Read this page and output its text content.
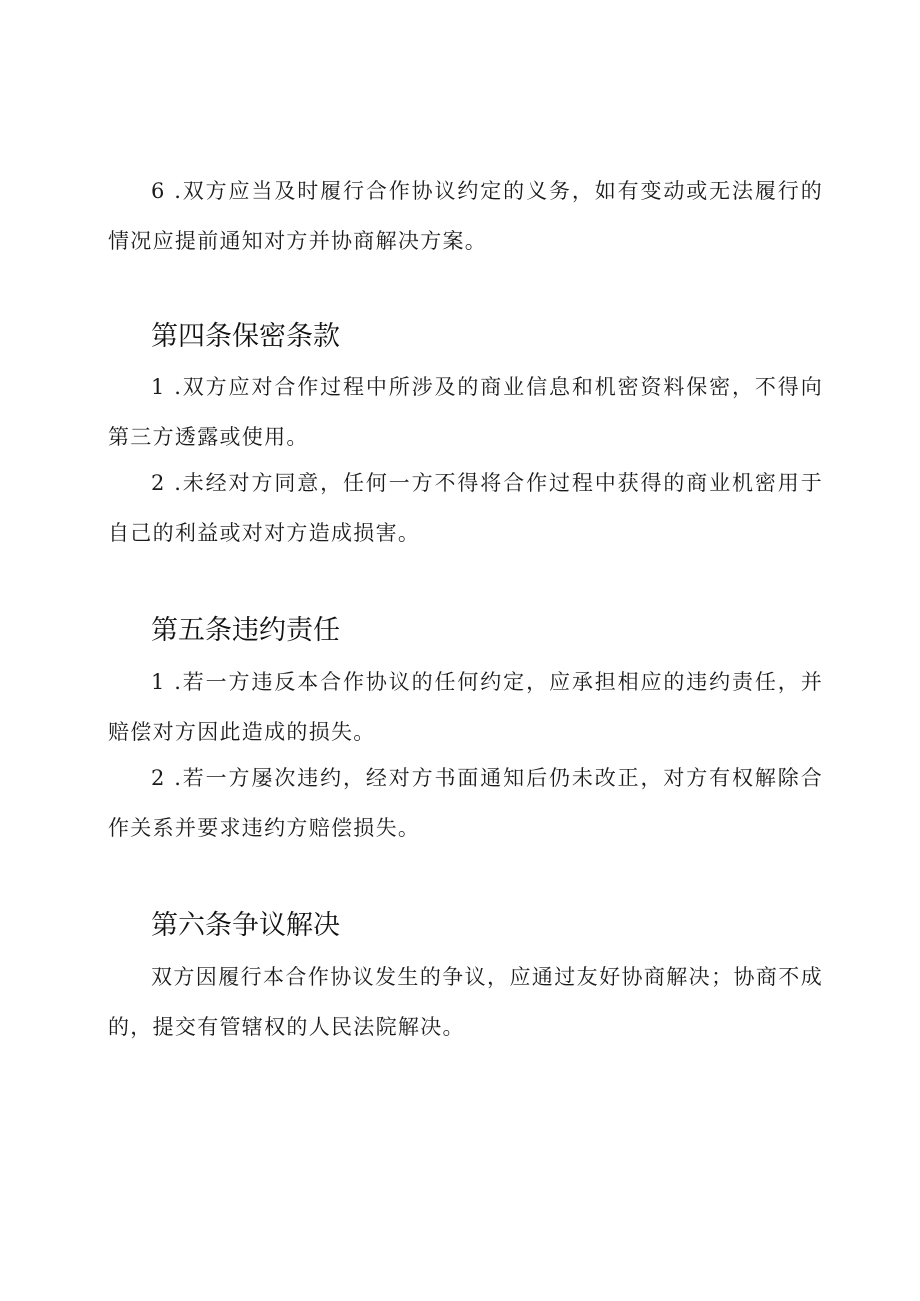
6 .双方应当及时履行合作协议约定的义务，如有变动或无法履行的情况应提前通知对方并协商解决方案。

第四条保密条款

1 .双方应对合作过程中所涉及的商业信息和机密资料保密，不得向第三方透露或使用。

2 .未经对方同意，任何一方不得将合作过程中获得的商业机密用于自己的利益或对对方造成损害。

第五条违约责任

1 .若一方违反本合作协议的任何约定，应承担相应的违约责任，并赔偿对方因此造成的损失。

2 .若一方屡次违约，经对方书面通知后仍未改正，对方有权解除合作关系并要求违约方赔偿损失。

第六条争议解决

双方因履行本合作协议发生的争议，应通过友好协商解决；协商不成的，提交有管辖权的人民法院解决。
